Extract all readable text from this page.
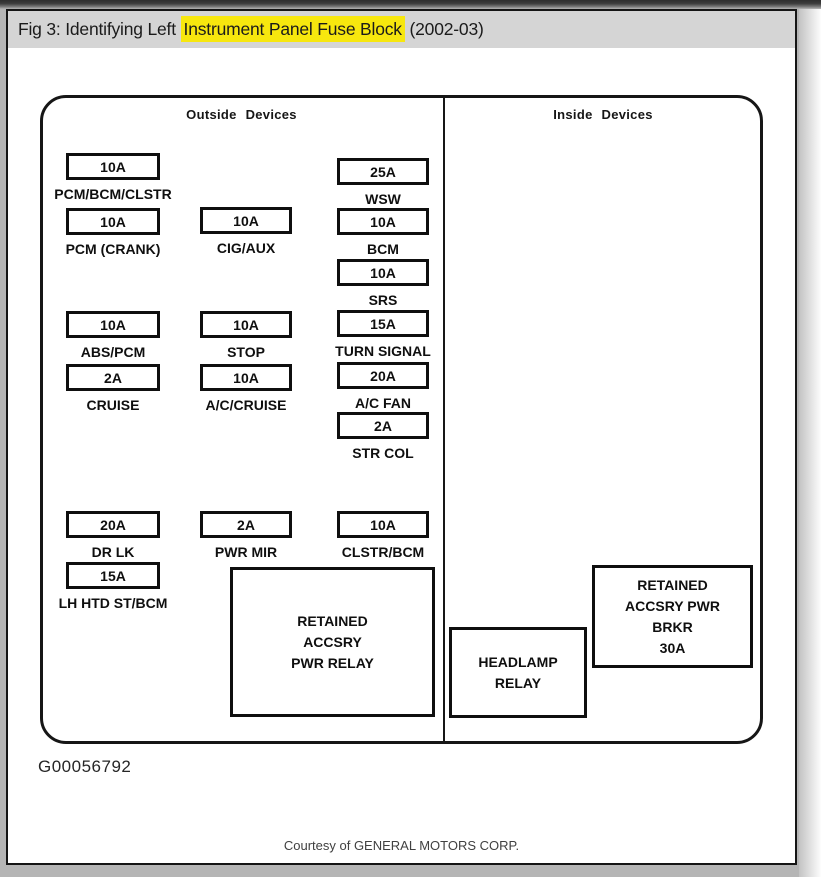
Fig 3: Identifying Left Instrument Panel Fuse Block (2002-03)
Outside Devices	Inside Devices
10A
PCM/BCM/CLSTR
10A
PCM (CRANK)
10A
CIG/AUX
25A
WSW
10A
BCM
10A
SRS
10A
ABS/PCM
10A
STOP
15A
TURN SIGNAL
2A
CRUISE
10A
A/C/CRUISE
20A
A/C FAN
2A
STR COL
20A
DR LK
2A
PWR MIR
10A
CLSTR/BCM
15A
LH HTD ST/BCM
RETAINED
ACCSRY
PWR RELAY	HEADLAMP
RELAY
RETAINED
ACCSRY PWR
BRKR
30A
G00056792
Courtesy of GENERAL MOTORS CORP.
